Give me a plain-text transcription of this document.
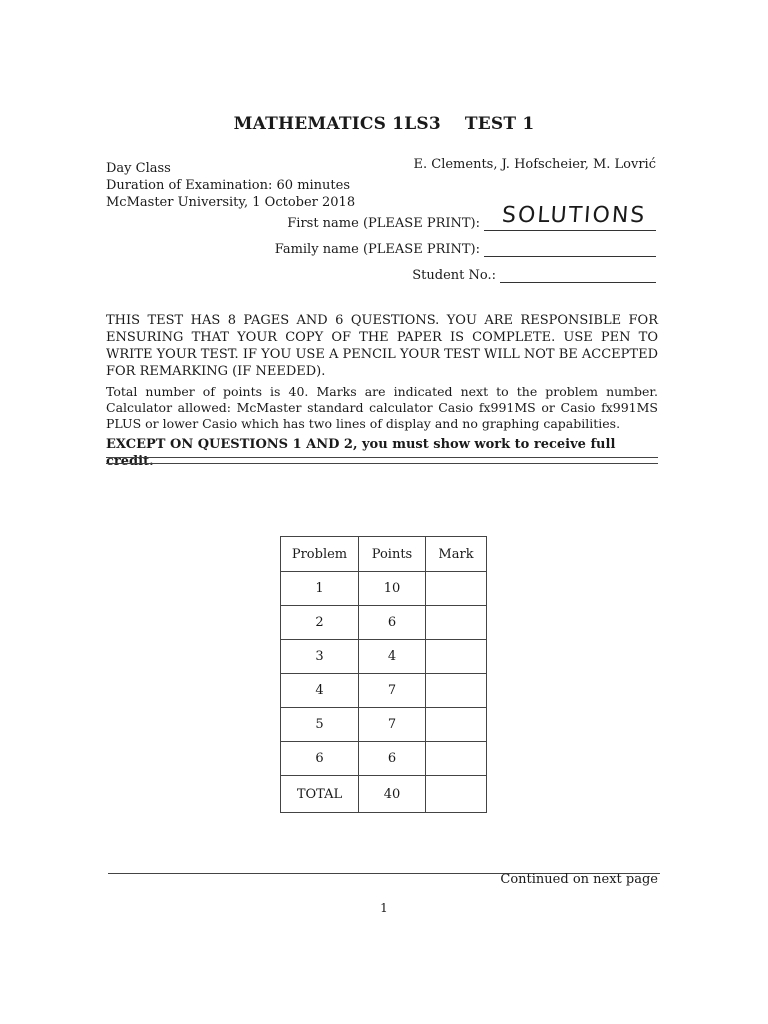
MATHEMATICS 1LS3 TEST 1
Day Class
Duration of Examination: 60 minutes
McMaster University, 1 October 2018
E. Clements, J. Hofscheier, M. Lovrić
First name (PLEASE PRINT): SOLUTIONS
Family name (PLEASE PRINT):
Student No.:

THIS TEST HAS 8 PAGES AND 6 QUESTIONS. YOU ARE RESPONSIBLE FOR ENSURING THAT YOUR COPY OF THE PAPER IS COMPLETE. USE PEN TO WRITE YOUR TEST. IF YOU USE A PENCIL YOUR TEST WILL NOT BE ACCEPTED FOR REMARKING (IF NEEDED).

Total number of points is 40. Marks are indicated next to the problem number. Calculator allowed: McMaster standard calculator Casio fx991MS or Casio fx991MS PLUS or lower Casio which has two lines of display and no graphing capabilities.

EXCEPT ON QUESTIONS 1 AND 2, you must show work to receive full credit.

Problem	Points	Mark
1	10	
2	6	
3	4	
4	7	
5	7	
6	6	
TOTAL	40	
Continued on next page
1
